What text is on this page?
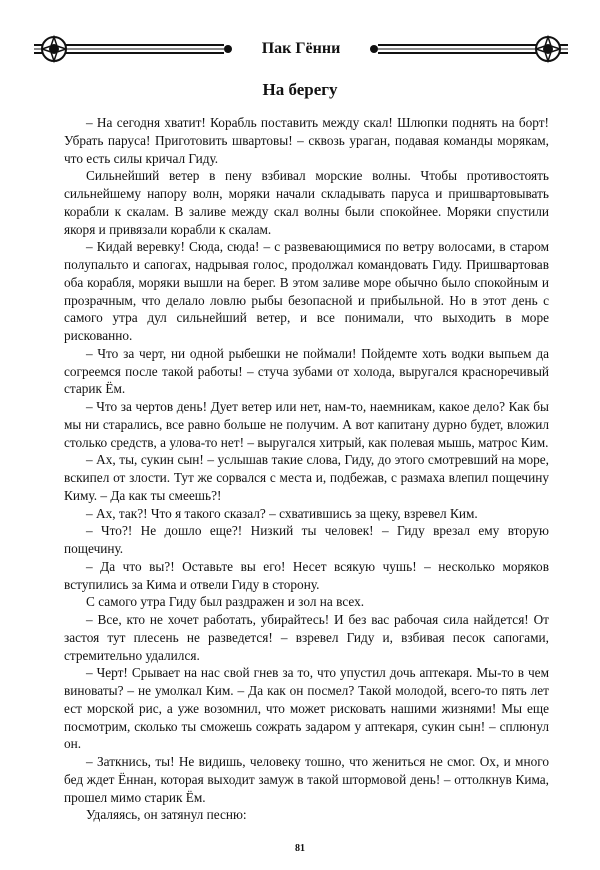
Пак Гённи
На берегу

– На сегодня хватит! Корабль поставить между скал! Шлюпки поднять на борт! Убрать паруса! Приготовить швартовы! – сквозь ураган, подавая команды морякам, что есть силы кричал Гиду.

Сильнейший ветер в пену взбивал морские волны. Чтобы противостоять сильнейшему напору волн, моряки начали складывать паруса и пришвартовывать корабли к скалам. В заливе между скал волны были спокойнее. Моряки спустили якоря и привязали корабли к скалам.

– Кидай веревку! Сюда, сюда! – с развевающимися по ветру волосами, в старом полупальто и сапогах, надрывая голос, продолжал командовать Гиду. Пришвартовав оба корабля, моряки вышли на берег. В этом заливе море обычно было спокойным и прозрачным, что делало ловлю рыбы безопасной и прибыльной. Но в этот день с самого утра дул сильнейший ветер, и все понимали, что выходить в море рискованно.

– Что за черт, ни одной рыбешки не поймали! Пойдемте хоть водки выпьем да согреемся после такой работы! – стуча зубами от холода, выругался красноречивый старик Ём.

– Что за чертов день! Дует ветер или нет, нам-то, наемникам, какое дело? Как бы мы ни старались, все равно больше не получим. А вот капитану дурно будет, вложил столько средств, а улова-то нет! – выругался хитрый, как полевая мышь, матрос Ким.

– Ах, ты, сукин сын! – услышав такие слова, Гиду, до этого смотревший на море, вскипел от злости. Тут же сорвался с места и, подбежав, с размаха влепил пощечину Киму. – Да как ты смеешь?!

– Ах, так?! Что я такого сказал? – схватившись за щеку, взревел Ким.

– Что?! Не дошло еще?! Низкий ты человек! – Гиду врезал ему вторую пощечину.

– Да что вы?! Оставьте вы его! Несет всякую чушь! – несколько моряков вступились за Кима и отвели Гиду в сторону.

С самого утра Гиду был раздражен и зол на всех.

– Все, кто не хочет работать, убирайтесь! И без вас рабочая сила найдется! От застоя тут плесень не разведется! – взревел Гиду и, взбивая песок сапогами, стремительно удалился.

– Черт! Срывает на нас свой гнев за то, что упустил дочь аптекаря. Мы-то в чем виноваты? – не умолкал Ким. – Да как он посмел? Такой молодой, всего-то пять лет ест морской рис, а уже возомнил, что может рисковать нашими жизнями! Мы еще посмотрим, сколько ты сможешь сожрать задаром у аптекаря, сукин сын! – сплюнул он.

– Заткнись, ты! Не видишь, человеку тошно, что жениться не смог. Ох, и много бед ждет Ённан, которая выходит замуж в такой штормовой день! – оттолкнув Кима, прошел мимо старик Ём.

Удаляясь, он затянул песню:

81
